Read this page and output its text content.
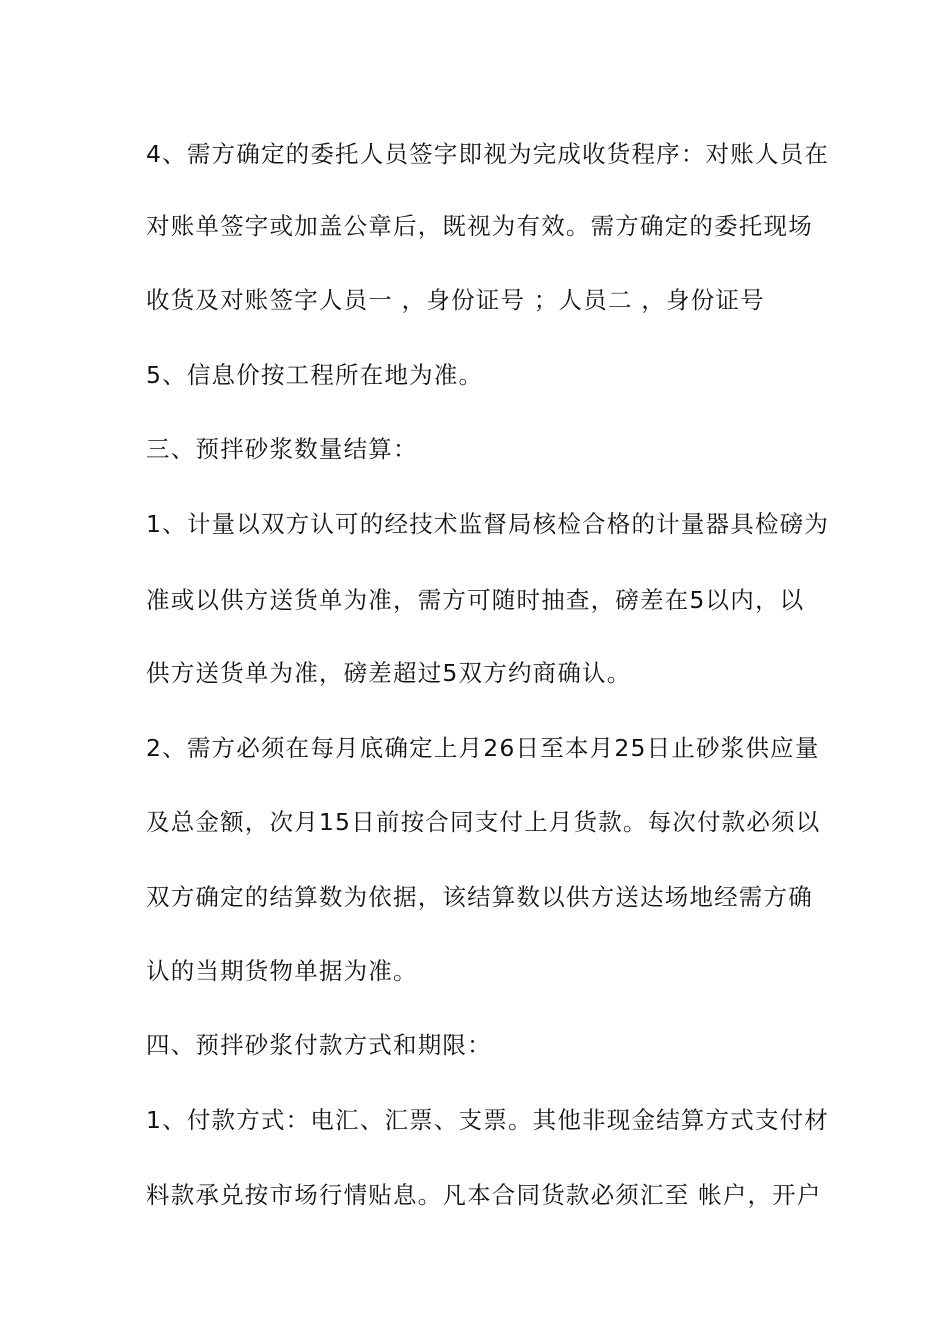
4、需方确定的委托人员签字即视为完成收货程序：对账人员在
对账单签字或加盖公章后，既视为有效。需方确定的委托现场
收货及对账签字人员一 ，身份证号 ；人员二 ，身份证号
5、信息价按工程所在地为准。
三、预拌砂浆数量结算：
1、计量以双方认可的经技术监督局核检合格的计量器具检磅为
准或以供方送货单为准，需方可随时抽查，磅差在5以内，以
供方送货单为准，磅差超过5双方约商确认。
2、需方必须在每月底确定上月26日至本月25日止砂浆供应量
及总金额，次月15日前按合同支付上月货款。每次付款必须以
双方确定的结算数为依据，该结算数以供方送达场地经需方确
认的当期货物单据为准。
四、预拌砂浆付款方式和期限：
1、付款方式：电汇、汇票、支票。其他非现金结算方式支付材
料款承兑按市场行情贴息。凡本合同货款必须汇至 帐户，开户
